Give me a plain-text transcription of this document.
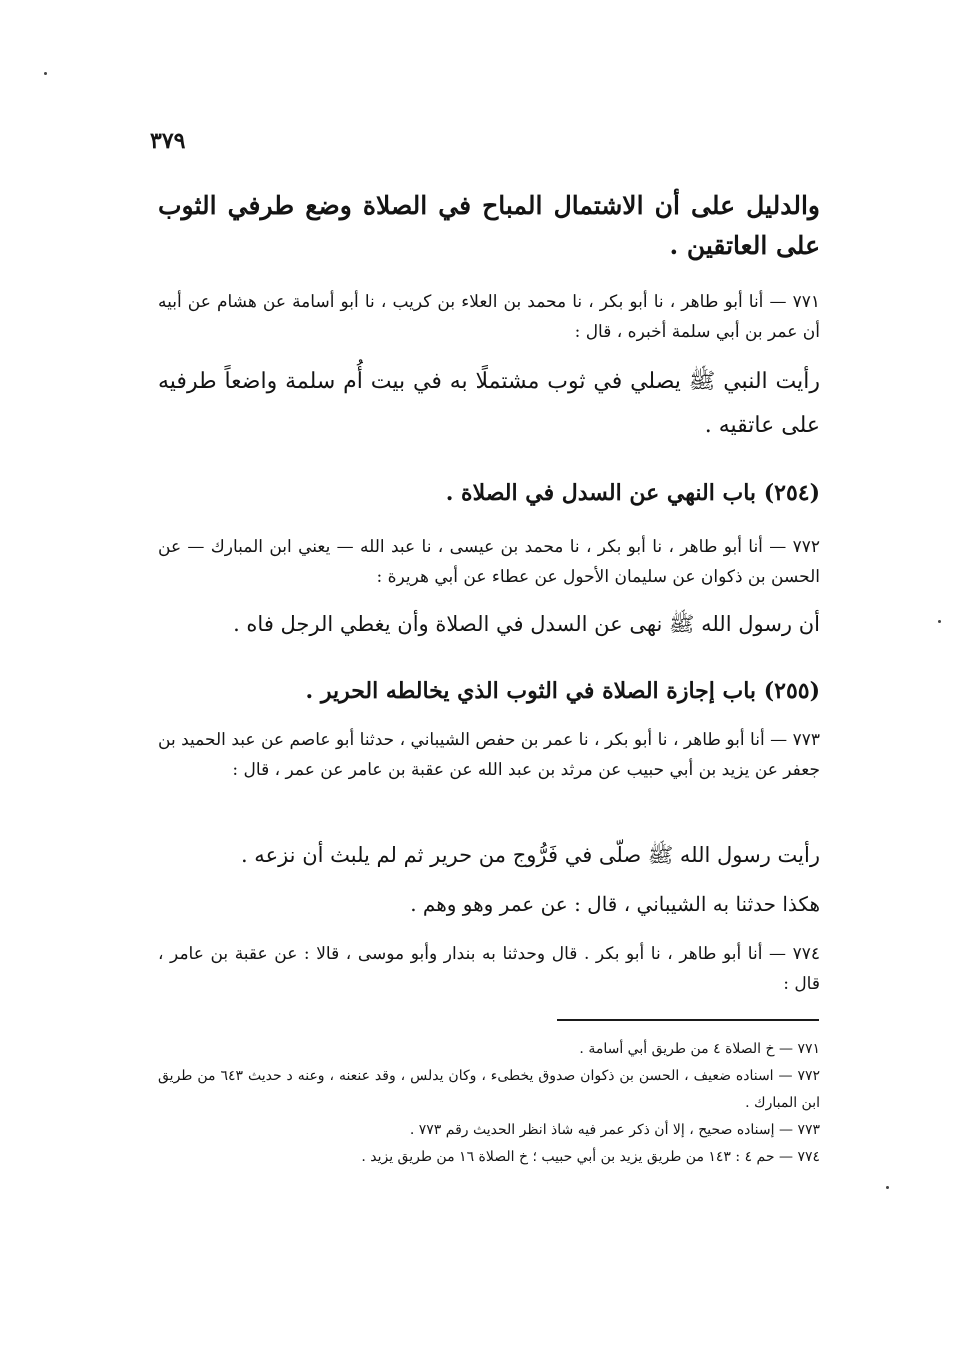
٣٧٩
والدليل على أن الاشتمال المباح في الصلاة وضع طرفي الثوب على العاتقين .
٧٧١ — أنا أبو طاهر ، نا أبو بكر ، نا محمد بن العلاء بن كريب ، نا أبو أسامة عن هشام عن أبيه أن عمر بن أبي سلمة أخبره ، قال :
رأيت النبي ﷺ يصلي في ثوب مشتملًا به في بيت أُم سلمة واضعاً طرفيه على عاتقيه .
(٢٥٤) باب النهي عن السدل في الصلاة .
٧٧٢ — أنا أبو طاهر ، نا أبو بكر ، نا محمد بن عيسى ، نا عبد الله — يعني ابن المبارك — عن الحسن بن ذكوان عن سليمان الأحول عن عطاء عن أبي هريرة :
أن رسول الله ﷺ نهى عن السدل في الصلاة وأن يغطي الرجل فاه .
(٢٥٥) باب إجازة الصلاة في الثوب الذي يخالطه الحرير .
٧٧٣ — أنا أبو طاهر ، نا أبو بكر ، نا عمر بن حفص الشيباني ، حدثنا أبو عاصم عن عبد الحميد بن جعفر عن يزيد بن أبي حبيب عن مرثد بن عبد الله عن عقبة بن عامر عن عمر ، قال :
رأيت رسول الله ﷺ صلّى في فَرُّوج من حرير ثم لم يلبث أن نزعه .
هكذا حدثنا به الشيباني ، قال : عن عمر وهو وهم .
٧٧٤ — أنا أبو طاهر ، نا أبو بكر . قال وحدثنا به بندار وأبو موسى ، قالا : عن عقبة بن عامر ، قال :
٧٧١ — خ الصلاة ٤ من طريق أبي أسامة .
٧٧٢ — اسناده ضعيف ، الحسن بن ذكوان صدوق يخطىء ، وكان يدلس ، وقد عنعنه ، وعنه د حديث ٦٤٣ من طريق ابن المبارك .
٧٧٣ — إسناده صحيح ، إلا أن ذكر عمر فيه شاذ انظر الحديث رقم ٧٧٣ .
٧٧٤ — حم ٤ : ١٤٣ من طريق يزيد بن أبي حبيب ؛ خ الصلاة ١٦ من طريق يزيد .
